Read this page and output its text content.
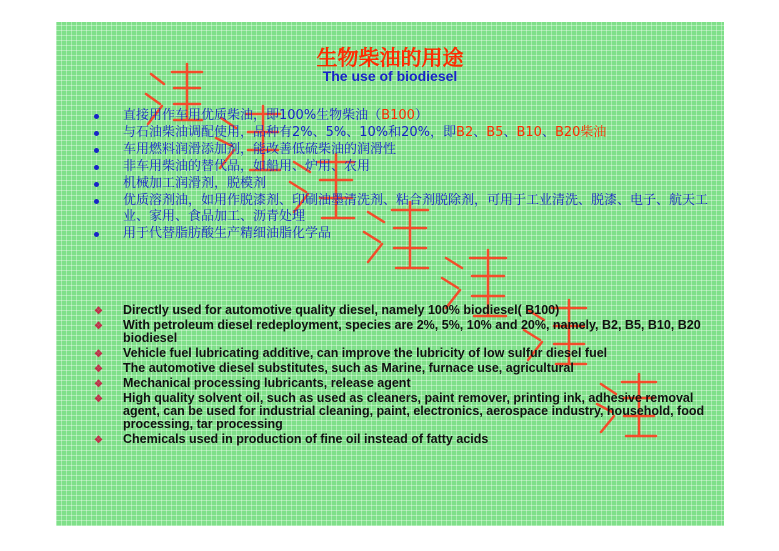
生物柴油的用途
The use of biodiesel
直接用作车用优质柴油，即100%生物柴油（B100）
与石油柴油调配使用，品种有2%、5%、10%和20%，即B2、B5、B10、B20柴油
车用燃料润滑添加剂，能改善低硫柴油的润滑性
非车用柴油的替代品，如船用、炉用、农用
机械加工润滑剂，脱模剂
优质溶剂油，如用作脱漆剂、印刷油墨清洗剂、粘合剂脱除剂，可用于工业清洗、脱漆、电子、航天工业、家用、食品加工、沥青处理
用于代替脂肪酸生产精细油脂化学品
❖ Directly used for automotive quality diesel, namely 100% biodiesel( B100)
❖ With petroleum diesel redeployment, species are 2%, 5%, 10% and 20%, namely, B2, B5, B10, B20 biodiesel
❖ Vehicle fuel lubricating additive, can improve the lubricity of low sulfur diesel fuel
❖ The automotive diesel substitutes, such as Marine, furnace use, agricultural
❖ Mechanical processing lubricants, release agent
❖ High quality solvent oil, such as used as cleaners, paint remover, printing ink, adhesive removal agent, can be used for industrial cleaning, paint, electronics, aerospace industry, household, food processing, tar processing
❖ Chemicals used in production of fine oil instead of fatty acids
